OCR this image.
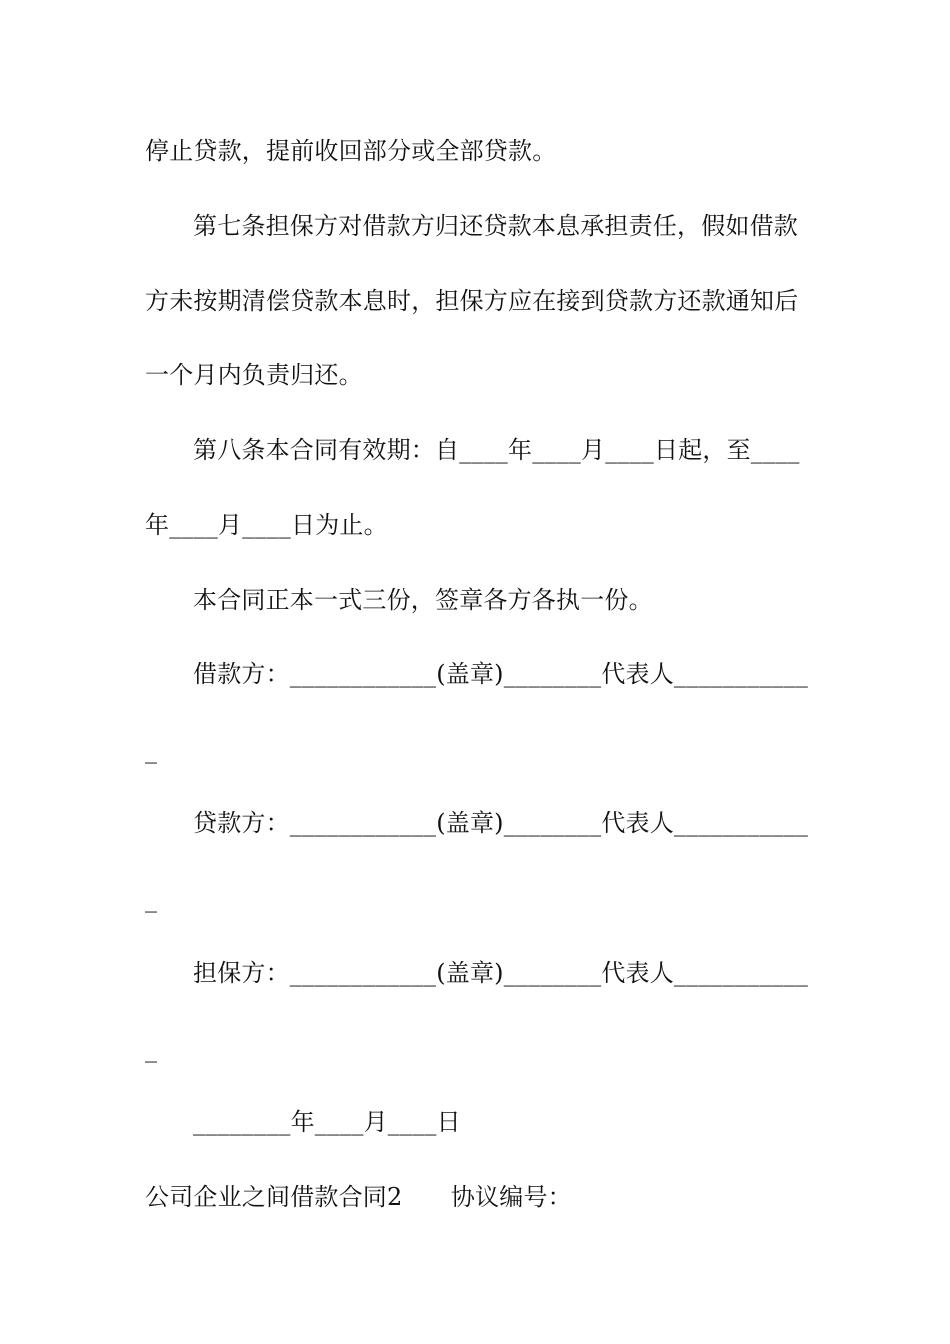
停止贷款，提前收回部分或全部贷款。
第七条担保方对借款方归还贷款本息承担责任，假如借款
方未按期清偿贷款本息时，担保方应在接到贷款方还款通知后
一个月内负责归还。
第八条本合同有效期：自____年____月____日起，至____
年____月____日为止。
本合同正本一式三份，签章各方各执一份。
借款方：____________(盖章)________代表人___________
_
贷款方：____________(盖章)________代表人___________
_
担保方：____________(盖章)________代表人___________
_
________年____月____日
公司企业之间借款合同2　　协议编号：
